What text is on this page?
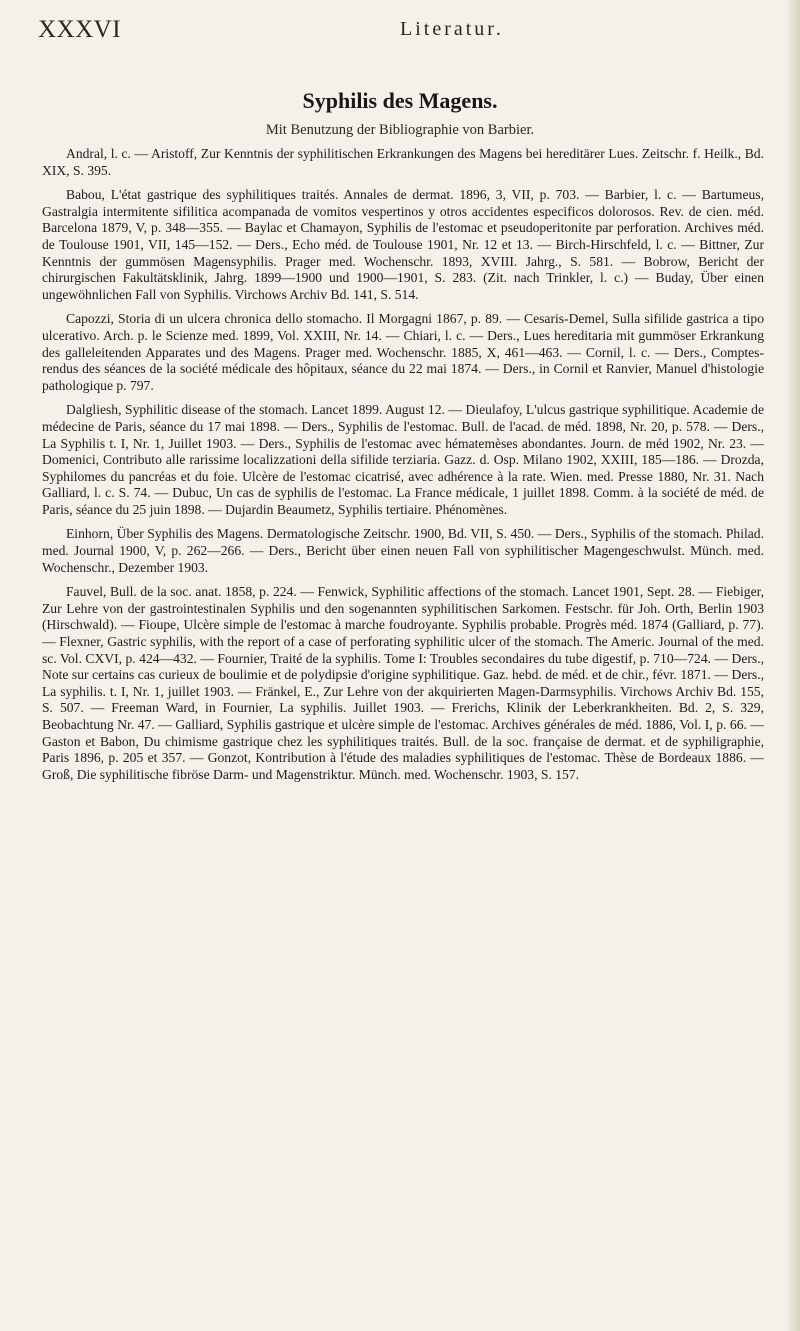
XXXVI	Literatur.
Syphilis des Magens.
Mit Benutzung der Bibliographie von Barbier.

Andral, l. c. — Aristoff, Zur Kenntnis der syphilitischen Erkrankungen des Magens bei hereditärer Lues. Zeitschr. f. Heilk., Bd. XIX, S. 395.

Babou, L'état gastrique des syphilitiques traités. Annales de dermat. 1896, 3, VII, p. 703. — Barbier, l. c. — Bartumeus, Gastralgia intermitente sifilitica acompanada de vomitos vespertinos y otros accidentes especificos dolorosos. Rev. de cien. méd. Barcelona 1879, V, p. 348—355. — Baylac et Chamayon, Syphilis de l'estomac et pseudoperitonite par perforation. Archives méd. de Toulouse 1901, VII, 145—152. — Ders., Echo méd. de Toulouse 1901, Nr. 12 et 13. — Birch-Hirschfeld, l. c. — Bittner, Zur Kenntnis der gummösen Magensyphilis. Prager med. Wochenschr. 1893, XVIII. Jahrg., S. 581. — Bobrow, Bericht der chirurgischen Fakultätsklinik, Jahrg. 1899—1900 und 1900—1901, S. 283. (Zit. nach Trinkler, l. c.) — Buday, Über einen ungewöhnlichen Fall von Syphilis. Virchows Archiv Bd. 141, S. 514.

Capozzi, Storia di un ulcera chronica dello stomacho. Il Morgagni 1867, p. 89. — Cesaris-Demel, Sulla sifilide gastrica a tipo ulcerativo. Arch. p. le Scienze med. 1899, Vol. XXIII, Nr. 14. — Chiari, l. c. — Ders., Lues hereditaria mit gummöser Erkrankung des galleleitenden Apparates und des Magens. Prager med. Wochenschr. 1885, X, 461—463. — Cornil, l. c. — Ders., Comptes-rendus des séances de la société médicale des hôpitaux, séance du 22 mai 1874. — Ders., in Cornil et Ranvier, Manuel d'histologie pathologique p. 797.

Dalgliesh, Syphilitic disease of the stomach. Lancet 1899. August 12. — Dieulafoy, L'ulcus gastrique syphilitique. Academie de médecine de Paris, séance du 17 mai 1898. — Ders., Syphilis de l'estomac. Bull. de l'acad. de méd. 1898, Nr. 20, p. 578. — Ders., La Syphilis t. I, Nr. 1, Juillet 1903. — Ders., Syphilis de l'estomac avec hématemèses abondantes. Journ. de méd 1902, Nr. 23. — Domenici, Contributo alle rarissime localizzationi della sifilide terziaria. Gazz. d. Osp. Milano 1902, XXIII, 185—186. — Drozda, Syphilomes du pancréas et du foie. Ulcère de l'estomac cicatrisé, avec adhérence à la rate. Wien. med. Presse 1880, Nr. 31. Nach Galliard, l. c. S. 74. — Dubuc, Un cas de syphilis de l'estomac. La France médicale, 1 juillet 1898. Comm. à la société de méd. de Paris, séance du 25 juin 1898. — Dujardin Beaumetz, Syphilis tertiaire. Phénomènes.

Einhorn, Über Syphilis des Magens. Dermatologische Zeitschr. 1900, Bd. VII, S. 450. — Ders., Syphilis of the stomach. Philad. med. Journal 1900, V, p. 262—266. — Ders., Bericht über einen neuen Fall von syphilitischer Magengeschwulst. Münch. med. Wochenschr., Dezember 1903.

Fauvel, Bull. de la soc. anat. 1858, p. 224. — Fenwick, Syphilitic affections of the stomach. Lancet 1901, Sept. 28. — Fiebiger, Zur Lehre von der gastrointestinalen Syphilis und den sogenannten syphilitischen Sarkomen. Festschr. für Joh. Orth, Berlin 1903 (Hirschwald). — Fioupe, Ulcère simple de l'estomac à marche foudroyante. Syphilis probable. Progrès méd. 1874 (Galliard, p. 77). — Flexner, Gastric syphilis, with the report of a case of perforating syphilitic ulcer of the stomach. The Americ. Journal of the med. sc. Vol. CXVI, p. 424—432. — Fournier, Traité de la syphilis. Tome I: Troubles secondaires du tube digestif, p. 710—724. — Ders., Note sur certains cas curieux de boulimie et de polydipsie d'origine syphilitique. Gaz. hebd. de méd. et de chir., févr. 1871. — Ders., La syphilis. t. I, Nr. 1, juillet 1903. — Fränkel, E., Zur Lehre von der akquirierten Magen-Darmsyphilis. Virchows Archiv Bd. 155, S. 507. — Freeman Ward, in Fournier, La syphilis. Juillet 1903. — Frerichs, Klinik der Leberkrankheiten. Bd. 2, S. 329, Beobachtung Nr. 47. — Galliard, Syphilis gastrique et ulcère simple de l'estomac. Archives générales de méd. 1886, Vol. I, p. 66. — Gaston et Babon, Du chimisme gastrique chez les syphilitiques traités. Bull. de la soc. française de dermat. et de syphiligraphie, Paris 1896, p. 205 et 357. — Gonzot, Kontribution à l'étude des maladies syphilitiques de l'estomac. Thèse de Bordeaux 1886. — Groß, Die syphilitische fibröse Darm- und Magenstriktur. Münch. med. Wochenschr. 1903, S. 157.
